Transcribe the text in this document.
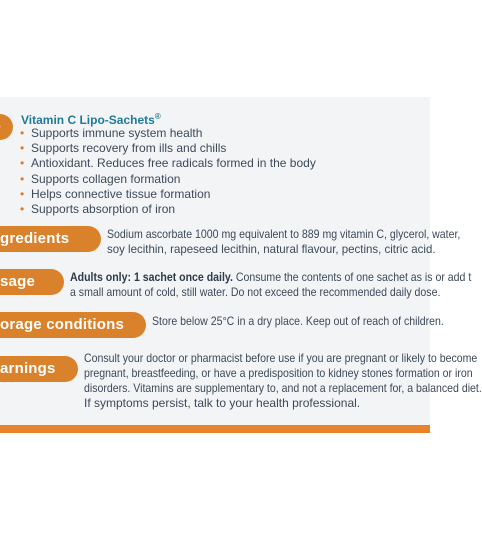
Vitamin C Lipo-Sachets®
• Supports immune system health
• Supports recovery from ills and chills
• Antioxidant. Reduces free radicals formed in the body
• Supports collagen formation
• Helps connective tissue formation
• Supports absorption of iron
gredients	Sodium ascorbate 1000 mg equivalent to 889 mg vitamin C, glycerol, water,
soy lecithin, rapeseed lecithin, natural flavour, pectins, citric acid.
sage	Adults only: 1 sachet once daily. Consume the contents of one sachet as is or add t
a small amount of cold, still water. Do not exceed the recommended daily dose.
orage conditions	Store below 25°C in a dry place. Keep out of reach of children.
arnings
Consult your doctor or pharmacist before use if you are pregnant or likely to become
pregnant, breastfeeding, or have a predisposition to kidney stones formation or iron
disorders. Vitamins are supplementary to, and not a replacement for, a balanced diet.
If symptoms persist, talk to your health professional.
